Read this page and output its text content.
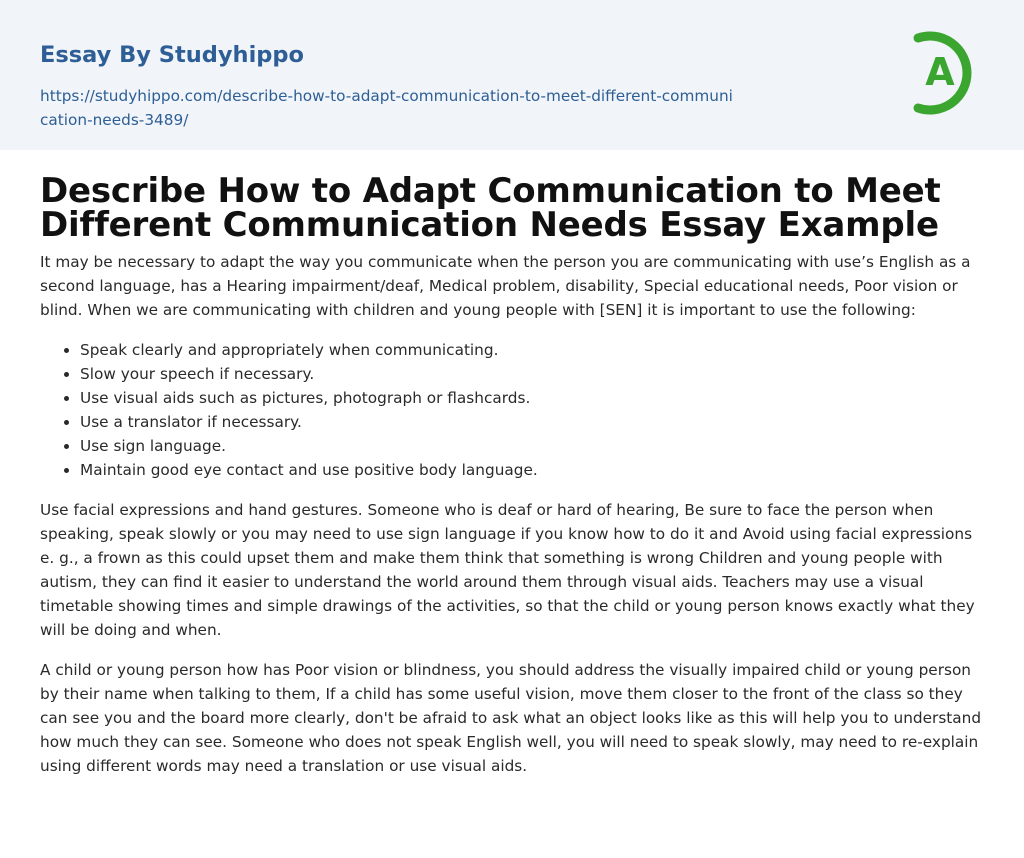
Essay By Studyhippo
https://studyhippo.com/describe-how-to-adapt-communication-to-meet-different-communication-needs-3489/
A
Describe How to Adapt Communication to Meet Different Communication Needs Essay Example

It may be necessary to adapt the way you communicate when the person you are communicating with use’s English as a second language, has a Hearing impairment/deaf, Medical problem, disability, Special educational needs, Poor vision or blind. When we are communicating with children and young people with [SEN] it is important to use the following:

• Speak clearly and appropriately when communicating.
• Slow your speech if necessary.
• Use visual aids such as pictures, photograph or flashcards.
• Use a translator if necessary.
• Use sign language.
• Maintain good eye contact and use positive body language.

Use facial expressions and hand gestures. Someone who is deaf or hard of hearing, Be sure to face the person when speaking, speak slowly or you may need to use sign language if you know how to do it and Avoid using facial expressions e. g., a frown as this could upset them and make them think that something is wrong Children and young people with autism, they can find it easier to understand the world around them through visual aids. Teachers may use a visual timetable showing times and simple drawings of the activities, so that the child or young person knows exactly what they will be doing and when.

A child or young person how has Poor vision or blindness, you should address the visually impaired child or young person by their name when talking to them, If a child has some useful vision, move them closer to the front of the class so they can see you and the board more clearly, don't be afraid to ask what an object looks like as this will help you to understand how much they can see. Someone who does not speak English well, you will need to speak slowly, may need to re-explain using different words may need a translation or use visual aids.
